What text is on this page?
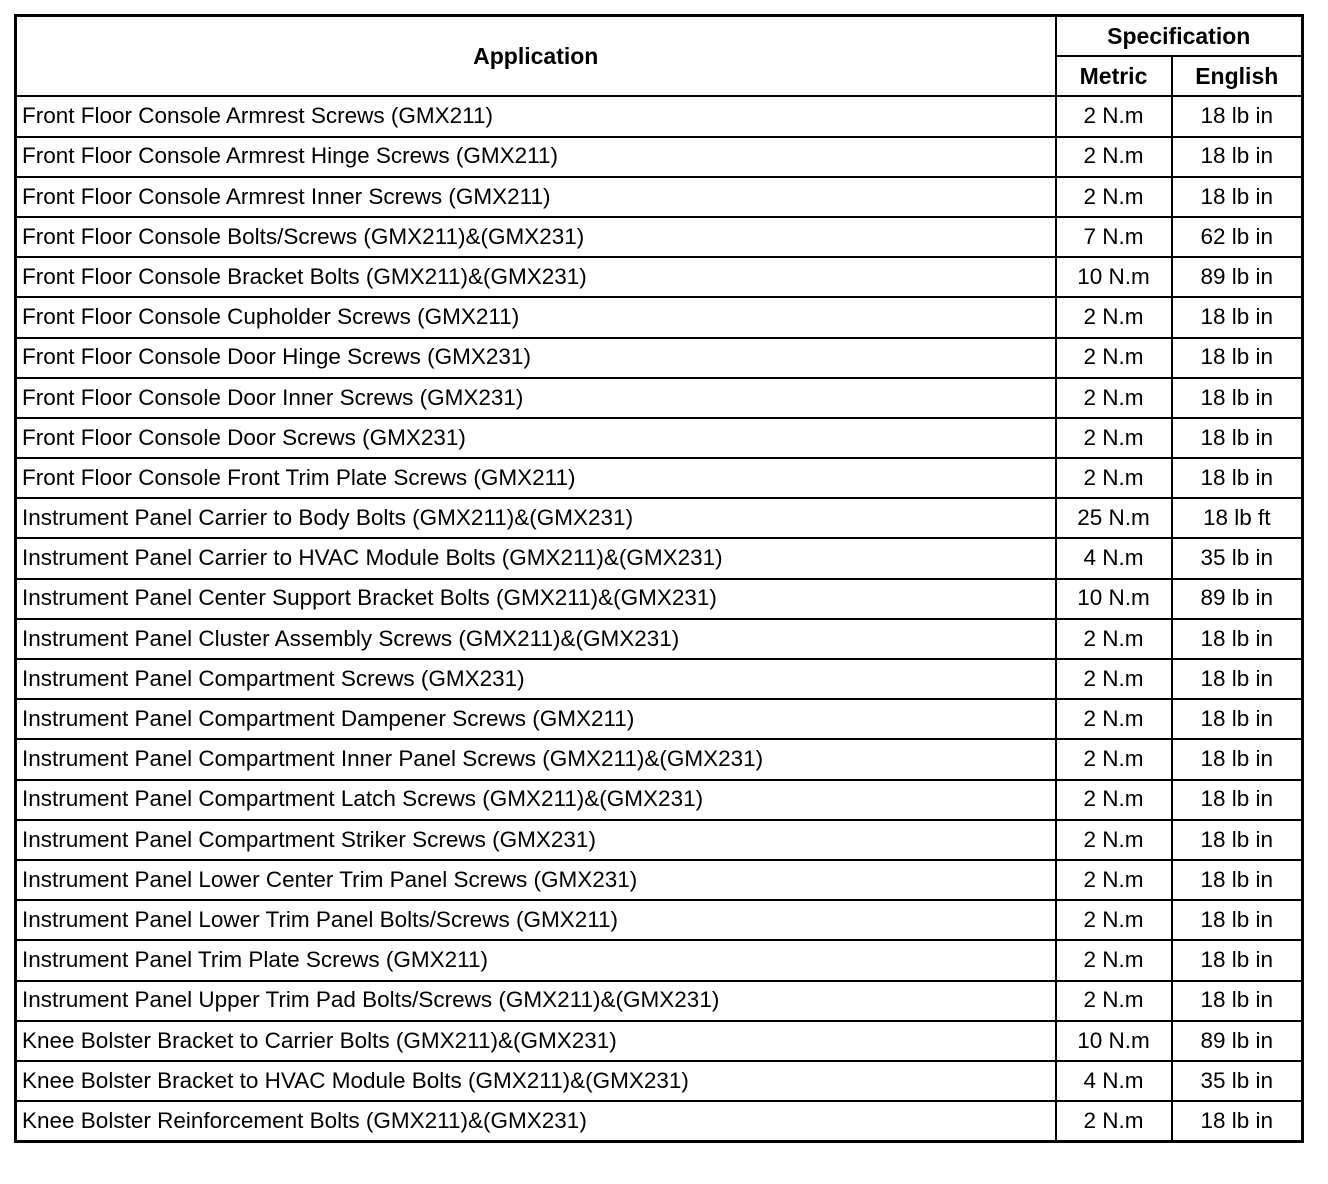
Application	Specification	
	Metric	English
Front Floor Console Armrest Screws (GMX211)	2 N.m	18 lb in
Front Floor Console Armrest Hinge Screws (GMX211)	2 N.m	18 lb in
Front Floor Console Armrest Inner Screws (GMX211)	2 N.m	18 lb in
Front Floor Console Bolts/Screws (GMX211)&(GMX231)	7 N.m	62 lb in
Front Floor Console Bracket Bolts (GMX211)&(GMX231)	10 N.m	89 lb in
Front Floor Console Cupholder Screws (GMX211)	2 N.m	18 lb in
Front Floor Console Door Hinge Screws (GMX231)	2 N.m	18 lb in
Front Floor Console Door Inner Screws (GMX231)	2 N.m	18 lb in
Front Floor Console Door Screws (GMX231)	2 N.m	18 lb in
Front Floor Console Front Trim Plate Screws (GMX211)	2 N.m	18 lb in
Instrument Panel Carrier to Body Bolts (GMX211)&(GMX231)	25 N.m	18 lb ft
Instrument Panel Carrier to HVAC Module Bolts (GMX211)&(GMX231)	4 N.m	35 lb in
Instrument Panel Center Support Bracket Bolts (GMX211)&(GMX231)	10 N.m	89 lb in
Instrument Panel Cluster Assembly Screws (GMX211)&(GMX231)	2 N.m	18 lb in
Instrument Panel Compartment Screws (GMX231)	2 N.m	18 lb in
Instrument Panel Compartment Dampener Screws (GMX211)	2 N.m	18 lb in
Instrument Panel Compartment Inner Panel Screws (GMX211)&(GMX231)	2 N.m	18 lb in
Instrument Panel Compartment Latch Screws (GMX211)&(GMX231)	2 N.m	18 lb in
Instrument Panel Compartment Striker Screws (GMX231)	2 N.m	18 lb in
Instrument Panel Lower Center Trim Panel Screws (GMX231)	2 N.m	18 lb in
Instrument Panel Lower Trim Panel Bolts/Screws (GMX211)	2 N.m	18 lb in
Instrument Panel Trim Plate Screws (GMX211)	2 N.m	18 lb in
Instrument Panel Upper Trim Pad Bolts/Screws (GMX211)&(GMX231)	2 N.m	18 lb in
Knee Bolster Bracket to Carrier Bolts (GMX211)&(GMX231)	10 N.m	89 lb in
Knee Bolster Bracket to HVAC Module Bolts (GMX211)&(GMX231)	4 N.m	35 lb in
Knee Bolster Reinforcement Bolts (GMX211)&(GMX231)	2 N.m	18 lb in
